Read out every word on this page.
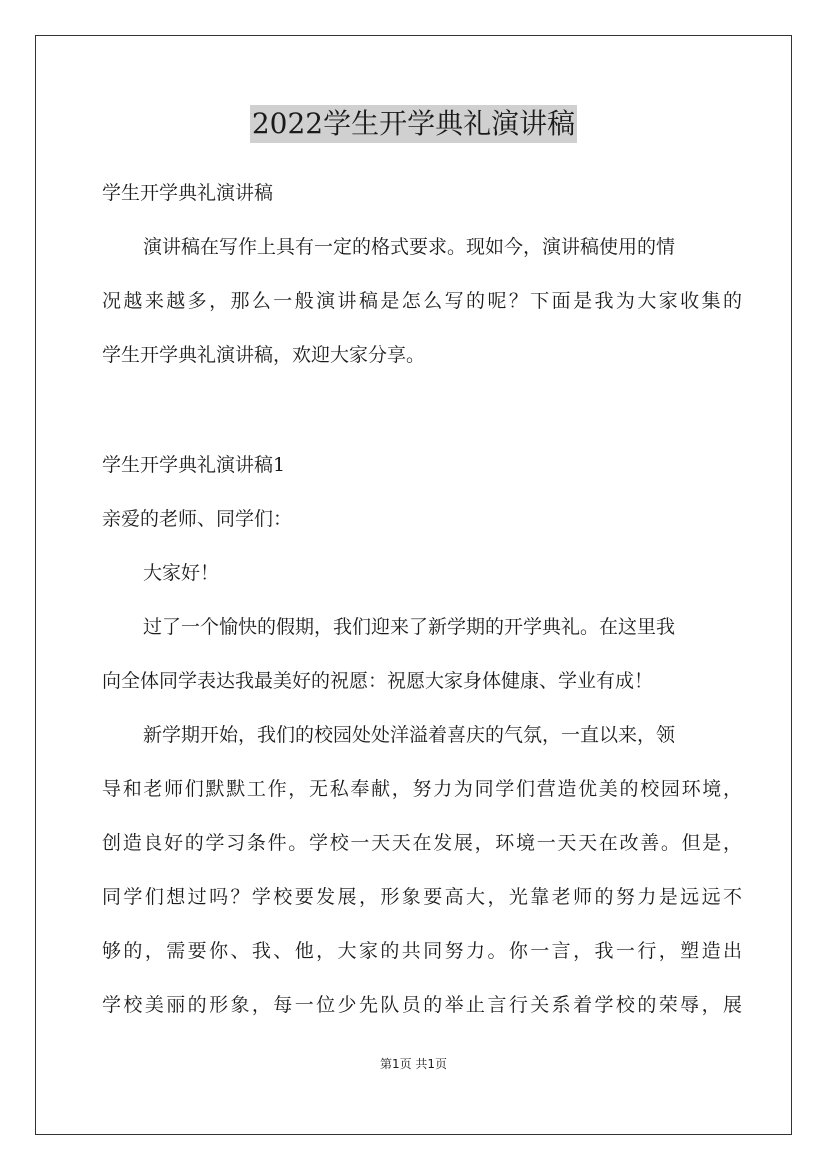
2022学生开学典礼演讲稿
学生开学典礼演讲稿
演讲稿在写作上具有一定的格式要求。现如今，演讲稿使用的情
况越来越多，那么一般演讲稿是怎么写的呢？下面是我为大家收集的
学生开学典礼演讲稿，欢迎大家分享。
学生开学典礼演讲稿1
亲爱的老师、同学们：
大家好！
过了一个愉快的假期，我们迎来了新学期的开学典礼。在这里我
向全体同学表达我最美好的祝愿：祝愿大家身体健康、学业有成！
新学期开始，我们的校园处处洋溢着喜庆的气氛，一直以来，领
导和老师们默默工作，无私奉献，努力为同学们营造优美的校园环境，
创造良好的学习条件。学校一天天在发展，环境一天天在改善。但是，
同学们想过吗？学校要发展，形象要高大，光靠老师的努力是远远不
够的，需要你、我、他，大家的共同努力。你一言，我一行，塑造出
学校美丽的形象，每一位少先队员的举止言行关系着学校的荣辱，展
第1页 共1页
